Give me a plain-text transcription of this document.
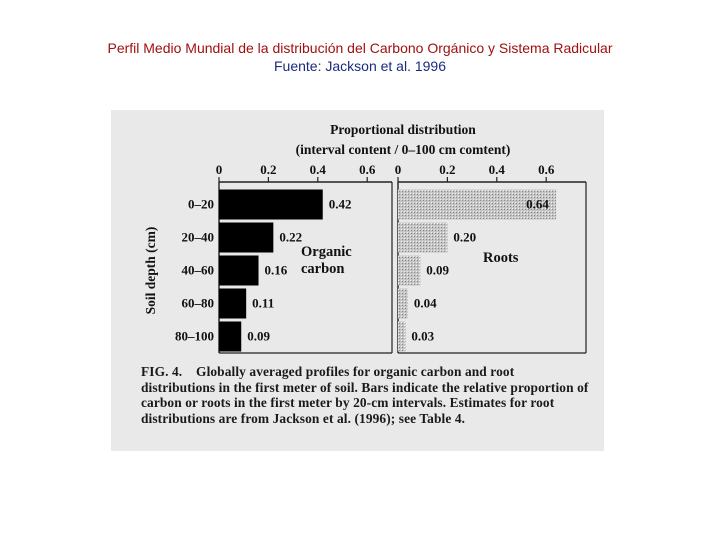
Perfil Medio Mundial de la distribución del Carbono Orgánico y Sistema Radicular
Fuente: Jackson et al. 1996
Proportional distribution
(interval content / 0–100 cm comtent)
Soil depth (cm)
0–20
20–40
40–60
60–80
80–100
0	0.2	0.4	0.6
0.42
0.22
0.16
0.11
0.09
Organic
carbon
0	0.2	0.4	0.6
0.64
0.20
0.09
0.04
0.03
Roots
FIG. 4. Globally averaged profiles for organic carbon and root distributions in the first meter of soil. Bars indicate the relative proportion of carbon or roots in the first meter by 20-cm intervals. Estimates for root distributions are from Jackson et al. (1996); see Table 4.
